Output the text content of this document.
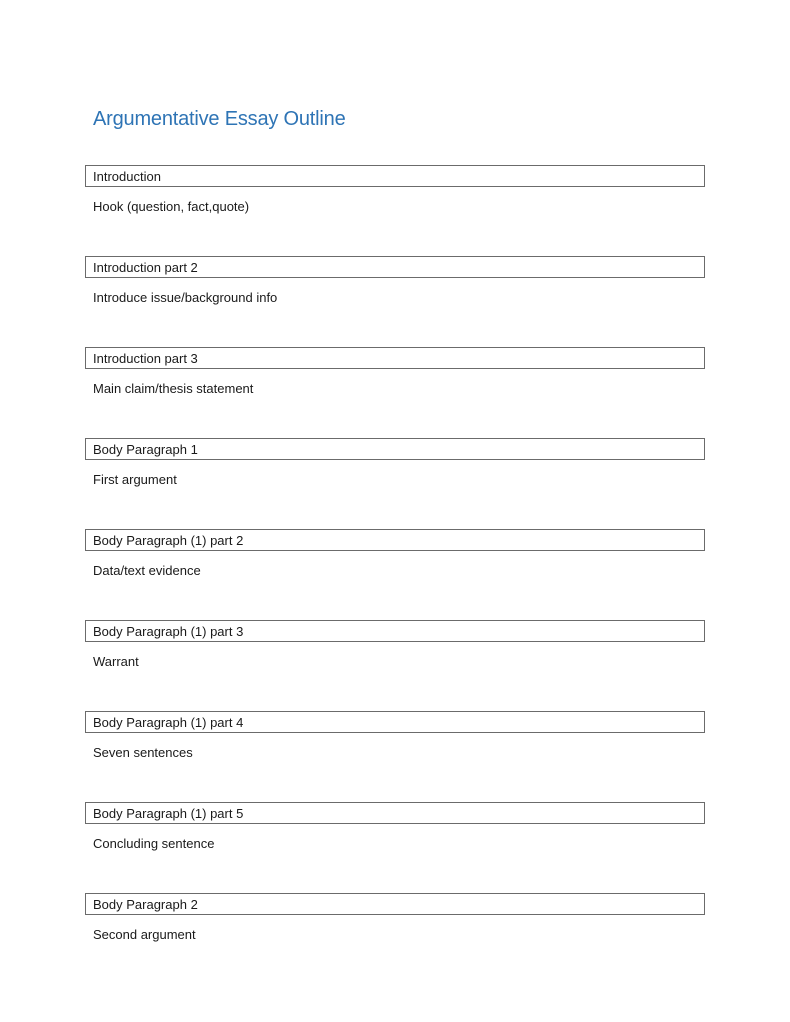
Argumentative Essay Outline
Introduction
Hook (question, fact,quote)
Introduction part 2
Introduce issue/background info
Introduction part 3
Main claim/thesis statement
Body Paragraph 1
First argument
Body Paragraph (1) part 2
Data/text evidence
Body Paragraph (1) part 3
Warrant
Body Paragraph (1) part 4
Seven sentences
Body Paragraph (1) part 5
Concluding sentence
Body Paragraph 2
Second argument
